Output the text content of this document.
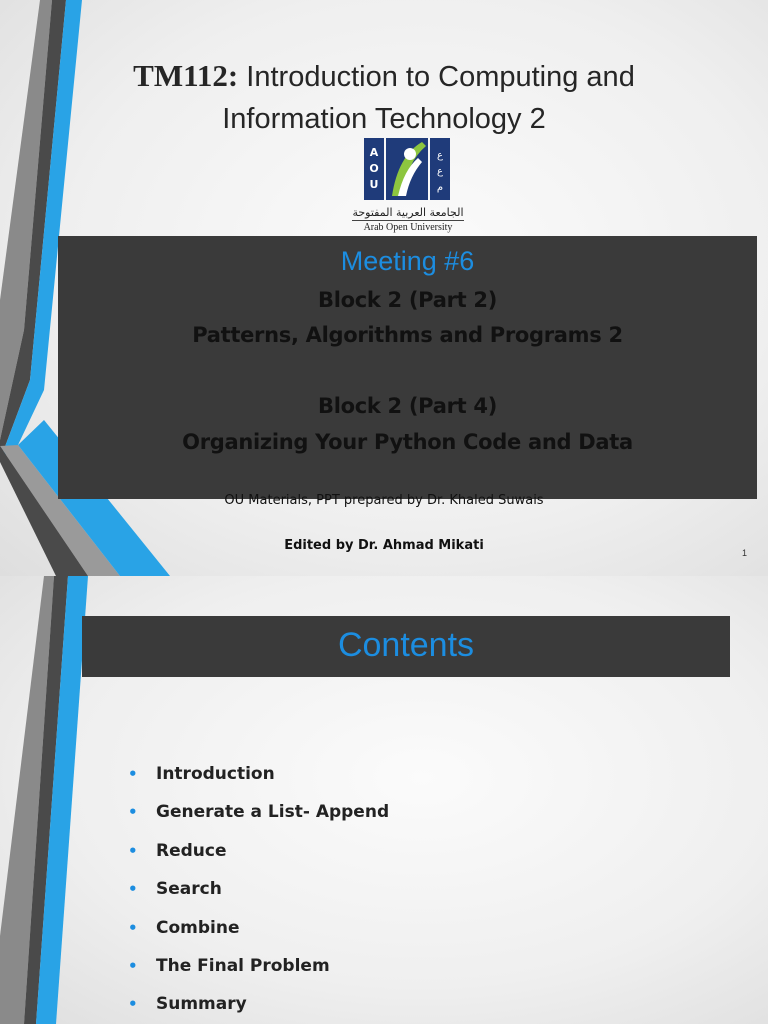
TM112: Introduction to Computing and
Information Technology 2
A
O
U
ع
ع
م
الجامعة العربية المفتوحة
Arab Open University
Meeting #6
Block 2 (Part 2)
Patterns, Algorithms and Programs 2
Block 2 (Part 4)
Organizing Your Python Code and Data
OU Materials, PPT prepared by Dr. Khaled Suwais
Edited by Dr. Ahmad Mikati	1
Contents
• Introduction
• Generate a List- Append
• Reduce
• Search
• Combine
• The Final Problem
• Summary
